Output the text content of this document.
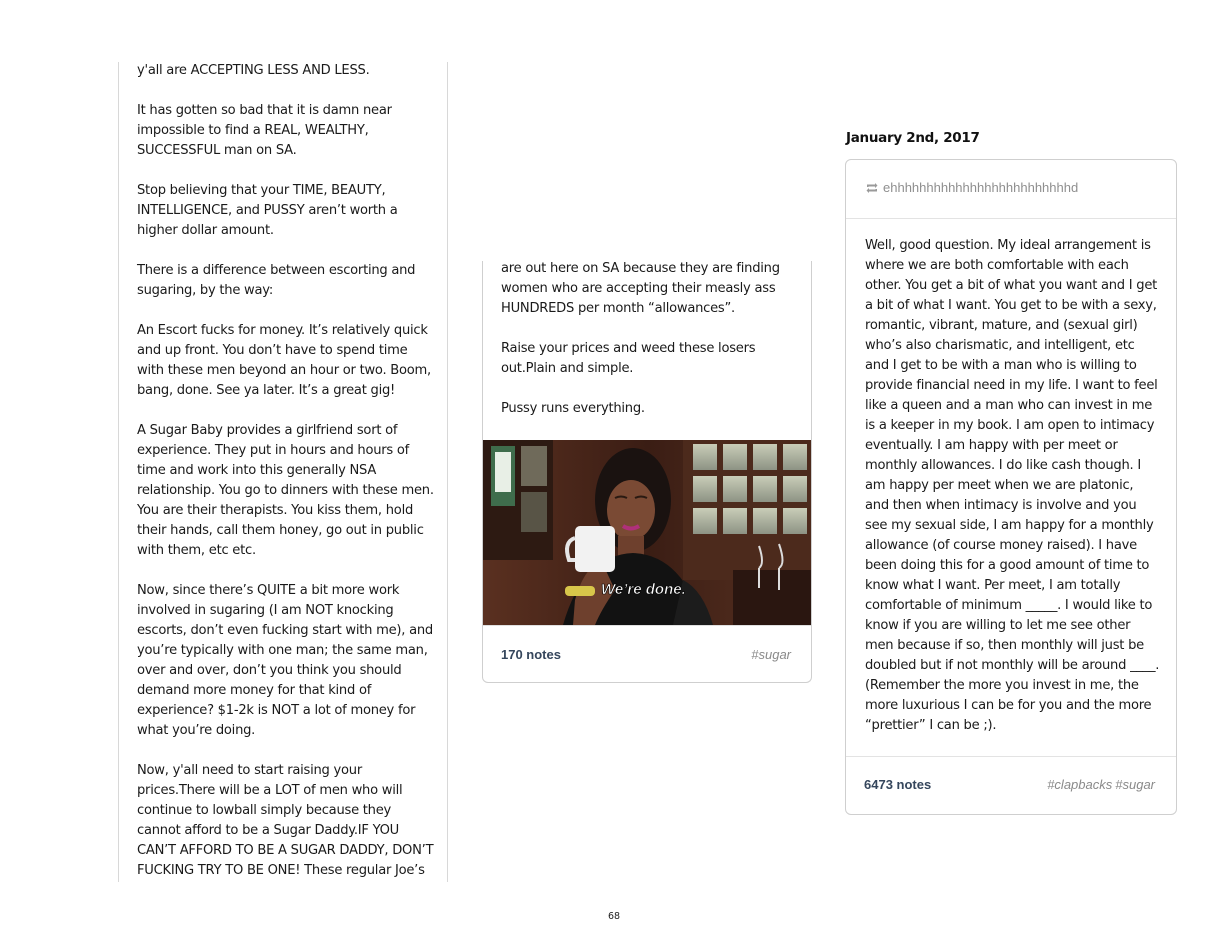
y'all are ACCEPTING LESS AND LESS.

It has gotten so bad that it is damn near impossible to find a REAL, WEALTHY, SUCCESSFUL man on SA.

Stop believing that your TIME, BEAUTY, INTELLIGENCE, and PUSSY aren’t worth a higher dollar amount.

There is a difference between escorting and sugaring, by the way:

An Escort fucks for money. It’s relatively quick and up front. You don’t have to spend time with these men beyond an hour or two. Boom, bang, done. See ya later. It’s a great gig!

A Sugar Baby provides a girlfriend sort of experience. They put in hours and hours of time and work into this generally NSA relationship. You go to dinners with these men. You are their therapists. You kiss them, hold their hands, call them honey, go out in public with them, etc etc.

Now, since there’s QUITE a bit more work involved in sugaring (I am NOT knocking escorts, don’t even fucking start with me), and you’re typically with one man; the same man, over and over, don’t you think you should demand more money for that kind of experience? $1-2k is NOT a lot of money for what you’re doing.

Now, y'all need to start raising your prices.There will be a LOT of men who will continue to lowball simply because they cannot afford to be a Sugar Daddy.IF YOU CAN’T AFFORD TO BE A SUGAR DADDY, DON’T FUCKING TRY TO BE ONE! These regular Joe’s

are out here on SA because they are finding women who are accepting their measly ass HUNDREDS per month “allowances”.

Raise your prices and weed these losers out.Plain and simple.

Pussy runs everything.

We’re done.
170 notes	#sugar
January 2nd, 2017
ehhhhhhhhhhhhhhhhhhhhhhhhhd

Well, good question. My ideal arrangement is where we are both comfortable with each other. You get a bit of what you want and I get a bit of what I want. You get to be with a sexy, romantic, vibrant, mature, and (sexual girl) who’s also charismatic, and intelligent, etc and I get to be with a man who is willing to provide financial need in my life. I want to feel like a queen and a man who can invest in me is a keeper in my book. I am open to intimacy eventually. I am happy with per meet or monthly allowances. I do like cash though. I am happy per meet when we are platonic, and then when intimacy is involve and you see my sexual side, I am happy for a monthly allowance (of course money raised). I have been doing this for a good amount of time to know what I want. Per meet, I am totally comfortable of minimum _____. I would like to know if you are willing to let me see other men because if so, then monthly will just be doubled but if not monthly will be around ____. (Remember the more you invest in me, the more luxurious I can be for you and the more “prettier” I can be ;).

6473 notes	#clapbacks #sugar
68
